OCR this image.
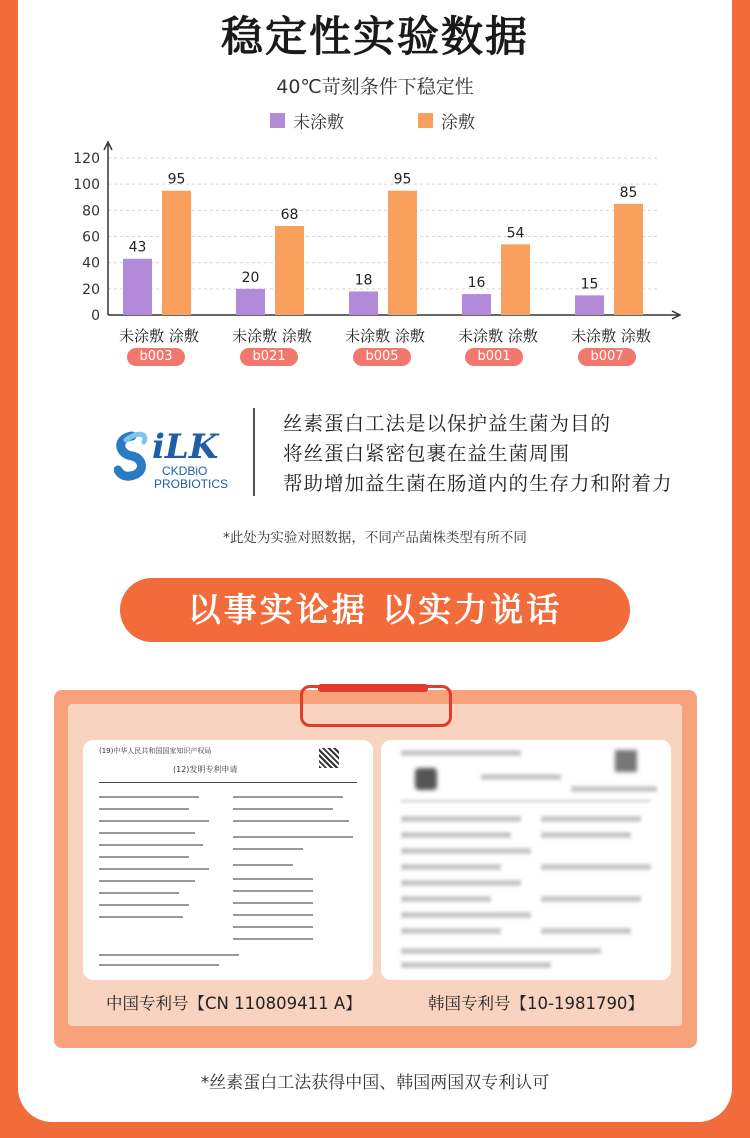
稳定性实验数据
40℃苛刻条件下稳定性
未涂敷	涂敷
0
20
40
60
80
100
120
43
95
未涂敷 涂敷
20
68
未涂敷 涂敷
18
95
未涂敷 涂敷
16
54
未涂敷 涂敷
15
85
未涂敷 涂敷
b003	b021	b005	b001	b007
iLK
CKDBiO
PROBIOTICS
丝素蛋白工法是以保护益生菌为目的
将丝蛋白紧密包裹在益生菌周围
帮助增加益生菌在肠道内的生存力和附着力
*此处为实验对照数据，不同产品菌株类型有所不同
以事实论据 以实力说话
(19)中华人民共和国国家知识产权局
(12)发明专利申请
中国专利号【CN 110809411 A】	韩国专利号【10-1981790】
*丝素蛋白工法获得中国、韩国两国双专利认可
